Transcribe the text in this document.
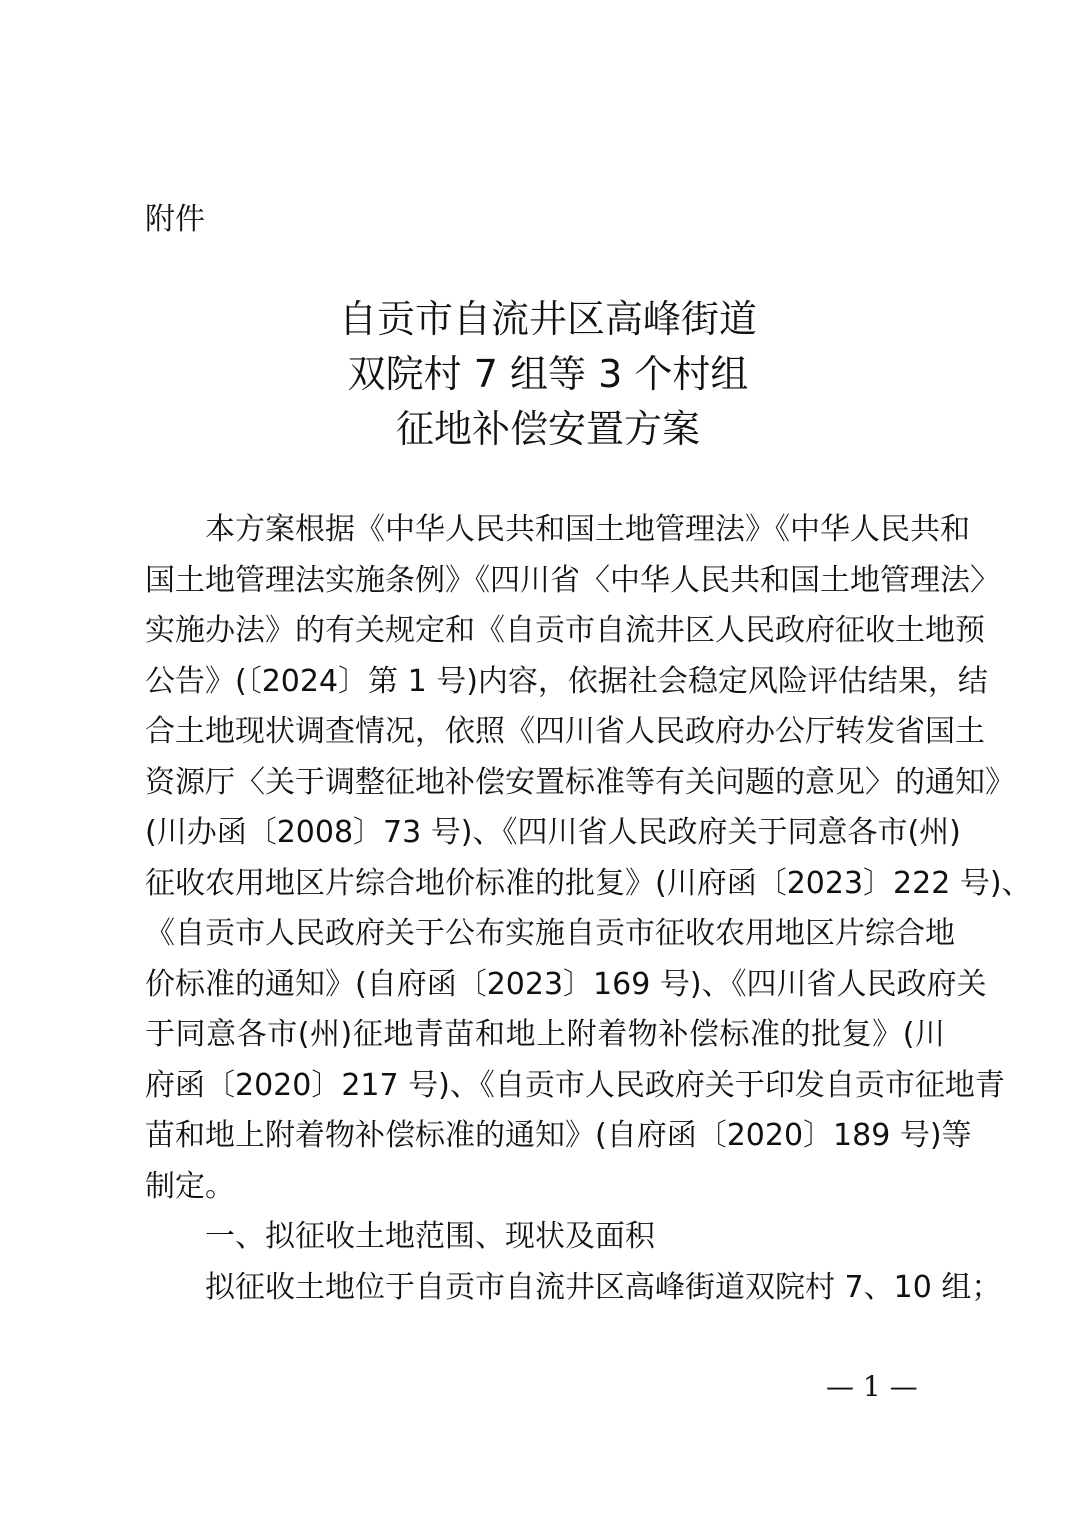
附件

自贡市自流井区高峰街道
双院村 7 组等 3 个村组
征地补偿安置方案

本方案根据《中华人民共和国土地管理法》《中华人民共和
国土地管理法实施条例》《四川省〈中华人民共和国土地管理法〉
实施办法》的有关规定和《自贡市自流井区人民政府征收土地预
公告》(〔2024〕第 1 号)内容，依据社会稳定风险评估结果，结
合土地现状调查情况，依照《四川省人民政府办公厅转发省国土
资源厅〈关于调整征地补偿安置标准等有关问题的意见〉的通知》
(川办函〔2008〕73 号)、《四川省人民政府关于同意各市(州)
征收农用地区片综合地价标准的批复》(川府函〔2023〕222 号)、
《自贡市人民政府关于公布实施自贡市征收农用地区片综合地
价标准的通知》(自府函〔2023〕169 号)、《四川省人民政府关
于同意各市(州)征地青苗和地上附着物补偿标准的批复》(川
府函〔2020〕217 号)、《自贡市人民政府关于印发自贡市征地青
苗和地上附着物补偿标准的通知》(自府函〔2020〕189 号)等
制定。

一、拟征收土地范围、现状及面积

拟征收土地位于自贡市自流井区高峰街道双院村 7、10 组；

— 1 —
